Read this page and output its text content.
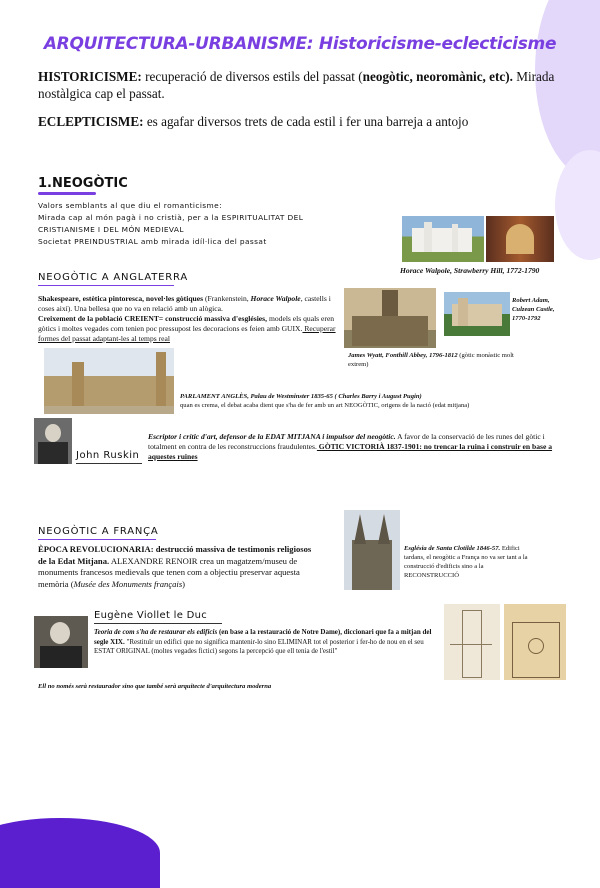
ARQUITECTURA-URBANISME: Historicisme-eclecticisme
HISTORICISME: recuperació de diversos estils del passat (neogòtic, neoromànic, etc). Mirada nostàlgica cap el passat.
ECLEPTICISME: es agafar diversos trets de cada estil i fer una barreja a antojo
1.NEOGÒTIC
Valors semblants al que diu el romanticisme:
Mirada cap al món pagà i no cristià, per a la ESPIRITUALITAT DEL
CRISTIANISME I DEL MÓN MEDIEVAL
Societat PREINDUSTRIAL amb mirada idíl·lica del passat
Horace Walpole, Strawberry Hill, 1772-1790
NEOGÒTIC A ANGLATERRA
Shakespeare, estètica pintoresca, novel·les gòtiques (Frankenstein, Horace Walpole, castells i coses així). Una bellesa que no va en relació amb un alògica.
Creixement de la població CREIENT= construcció massiva d'esglésies, models els quals eren gòtics i moltes vegades com tenien poc pressupost les decoracions es feien amb GUIX. Recuperar formes del passat adaptant-les al temps real
James Wyatt, Fonthill Abbey, 1796-1812 (gòtic monàstic molt extrem)
Robert Adam,
Culzean Castle,
1770-1792
PARLAMENT ANGLÈS, Palau de Westminster 1835-65 ( Charles Barry i August Pugin)
quan es crema, el debat acaba dient que s'ha de fer amb un art NEOGÒTIC, origens de la nació (edat mitjana)
John Ruskin
Escriptor i crític d'art, defensor de la EDAT MITJANA i impulsor del neogòtic. A favor de la conservació de les runes del gòtic i totalment en contra de les reconstruccions fraudulentes. GÒTIC VICTORIÀ 1837-1901: no trencar la ruina i construir en base a aquestes ruines
NEOGÒTIC A FRANÇA
ÈPOCA REVOLUCIONARIA: destrucció massiva de testimonis religiosos de la Edat Mitjana. ALEXANDRE RENOIR crea un magatzem/museu de monuments francesos medievals que tenen com a objectiu preservar aquesta memòria (Musée des Monuments français)
Església de Santa Clotilde 1846-57. Edifici tardans, el neogòtic a França no va ser tant a la construcció d'edificis sino a la RECONSTRUCCIÓ
Eugène Viollet le Duc
Teoria de com s'ha de restaurar els edificis (en base a la restauració de Notre Dame), diccionari que fa a mitjan del segle XIX. "Restituïr un edifici que no significa mantenir-lo sino ELIMINAR tot el posterior i fer-ho de nou en el seu ESTAT ORIGINAL (moltes vegades fictici) segons la percepció que ell tenia de l'estil"
Ell no només serà restaurador sino que també serà arquitecte d'arquitectura moderna
